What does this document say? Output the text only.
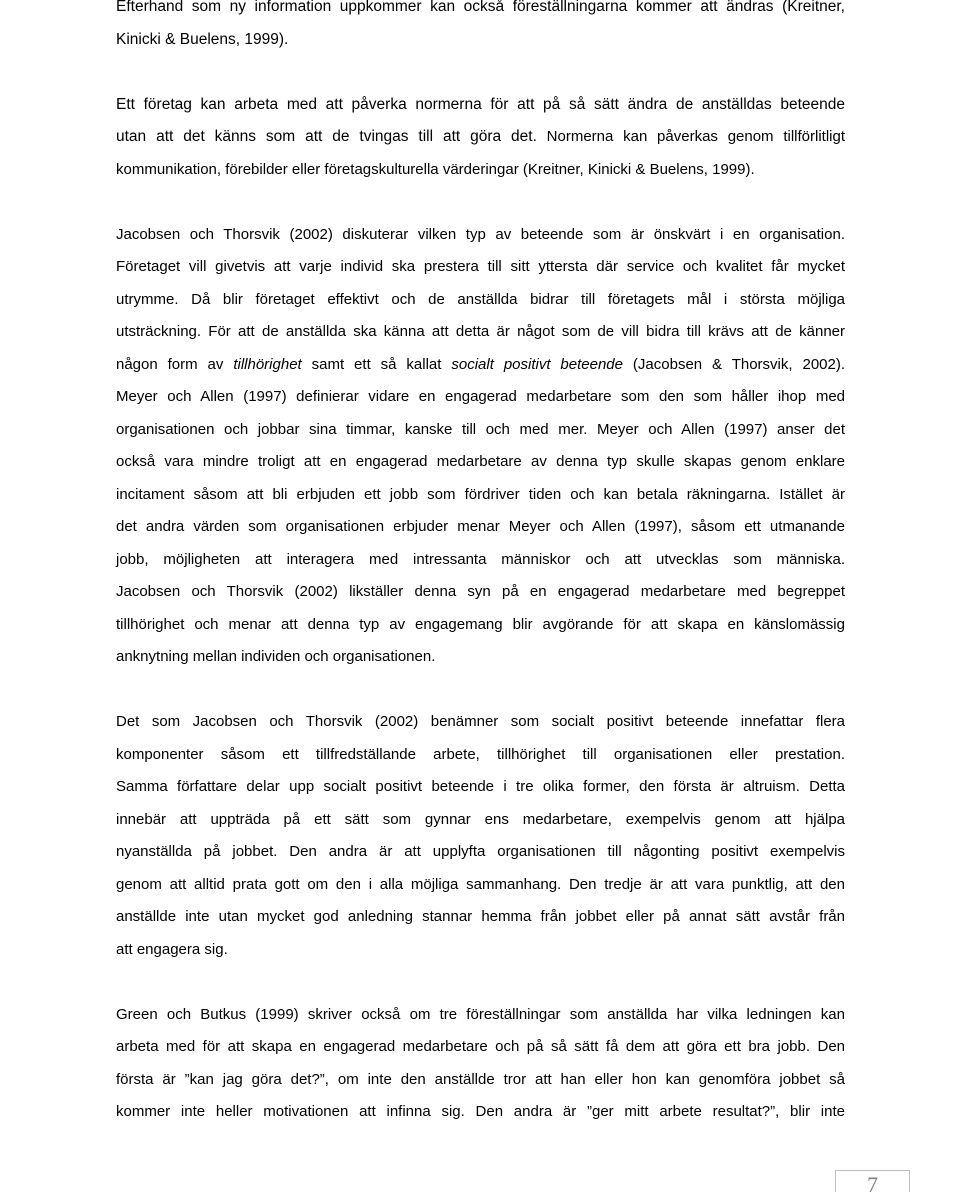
Efterhand som ny information uppkommer kan också föreställningarna kommer att ändras (Kreitner,
Kinicki & Buelens, 1999).
Ett företag kan arbeta med att påverka normerna för att på så sätt ändra de anställdas beteende
utan att det känns som att de tvingas till att göra det. Normerna kan påverkas genom tillförlitligt
kommunikation, förebilder eller företagskulturella värderingar (Kreitner, Kinicki & Buelens, 1999).
Jacobsen och Thorsvik (2002) diskuterar vilken typ av beteende som är önskvärt i en organisation.
Företaget vill givetvis att varje individ ska prestera till sitt yttersta där service och kvalitet får mycket
utrymme. Då blir företaget effektivt och de anställda bidrar till företagets mål i största möjliga
utsträckning. För att de anställda ska känna att detta är något som de vill bidra till krävs att de känner
någon form av tillhörighet samt ett så kallat socialt positivt beteende (Jacobsen & Thorsvik, 2002).
Meyer och Allen (1997) definierar vidare en engagerad medarbetare som den som håller ihop med
organisationen och jobbar sina timmar, kanske till och med mer. Meyer och Allen (1997) anser det
också vara mindre troligt att en engagerad medarbetare av denna typ skulle skapas genom enklare
incitament såsom att bli erbjuden ett jobb som fördriver tiden och kan betala räkningarna. Istället är
det andra värden som organisationen erbjuder menar Meyer och Allen (1997), såsom ett utmanande
jobb, möjligheten att interagera med intressanta människor och att utvecklas som människa.
Jacobsen och Thorsvik (2002) likställer denna syn på en engagerad medarbetare med begreppet
tillhörighet och menar att denna typ av engagemang blir avgörande för att skapa en känslomässig
anknytning mellan individen och organisationen.
Det som Jacobsen och Thorsvik (2002) benämner som socialt positivt beteende innefattar flera
komponenter såsom ett tillfredställande arbete, tillhörighet till organisationen eller prestation.
Samma författare delar upp socialt positivt beteende i tre olika former, den första är altruism. Detta
innebär att uppträda på ett sätt som gynnar ens medarbetare, exempelvis genom att hjälpa
nyanställda på jobbet. Den andra är att upplyfta organisationen till någonting positivt exempelvis
genom att alltid prata gott om den i alla möjliga sammanhang. Den tredje är att vara punktlig, att den
anställde inte utan mycket god anledning stannar hemma från jobbet eller på annat sätt avstår från
att engagera sig.
Green och Butkus (1999) skriver också om tre föreställningar som anställda har vilka ledningen kan
arbeta med för att skapa en engagerad medarbetare och på så sätt få dem att göra ett bra jobb. Den
första är ”kan jag göra det?”, om inte den anställde tror att han eller hon kan genomföra jobbet så
kommer inte heller motivationen att infinna sig. Den andra är ”ger mitt arbete resultat?”, blir inte
7
